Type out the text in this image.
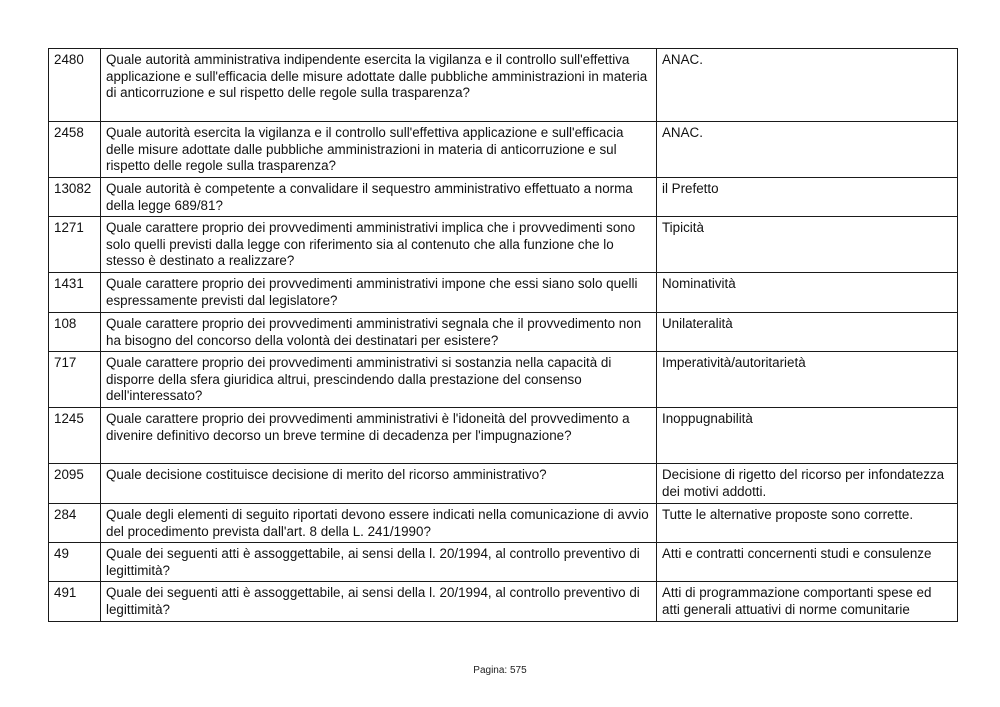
2480	Quale autorità amministrativa indipendente esercita la vigilanza e il controllo sull'effettiva applicazione e sull'efficacia delle misure adottate dalle pubbliche amministrazioni in materia di anticorruzione e sul rispetto delle regole sulla trasparenza?	ANAC.
2458	Quale autorità esercita la vigilanza e il controllo sull'effettiva applicazione e sull'efficacia delle misure adottate dalle pubbliche amministrazioni in materia di anticorruzione e sul rispetto delle regole sulla trasparenza?	ANAC.
13082	Quale autorità è competente a convalidare il sequestro amministrativo effettuato a norma della legge 689/81?	il Prefetto
1271	Quale carattere proprio dei provvedimenti amministrativi implica che i provvedimenti sono solo quelli previsti dalla legge con riferimento sia al contenuto che alla funzione che lo stesso è destinato a realizzare?	Tipicità
1431	Quale carattere proprio dei provvedimenti amministrativi impone che essi siano solo quelli espressamente previsti dal legislatore?	Nominatività
108	Quale carattere proprio dei provvedimenti amministrativi segnala che il provvedimento non ha bisogno del concorso della volontà dei destinatari per esistere?	Unilateralità
717	Quale carattere proprio dei provvedimenti amministrativi si sostanzia nella capacità di disporre della sfera giuridica altrui, prescindendo dalla prestazione del consenso dell'interessato?	Imperatività/autoritarietà
1245	Quale carattere proprio dei provvedimenti amministrativi è l'idoneità del provvedimento a divenire definitivo decorso un breve termine di decadenza per l'impugnazione?	Inoppugnabilità
2095	Quale decisione costituisce decisione di merito del ricorso amministrativo?	Decisione di rigetto del ricorso per infondatezza dei motivi addotti.
284	Quale degli elementi di seguito riportati devono essere indicati nella comunicazione di avvio del procedimento prevista dall'art. 8 della L. 241/1990?	Tutte le alternative proposte sono corrette.
49	Quale dei seguenti atti è assoggettabile, ai sensi della l. 20/1994, al controllo preventivo di legittimità?	Atti e contratti concernenti studi e consulenze
491	Quale dei seguenti atti è assoggettabile, ai sensi della l. 20/1994, al controllo preventivo di legittimità?	Atti di programmazione comportanti spese ed atti generali attuativi di norme comunitarie
Pagina: 575
